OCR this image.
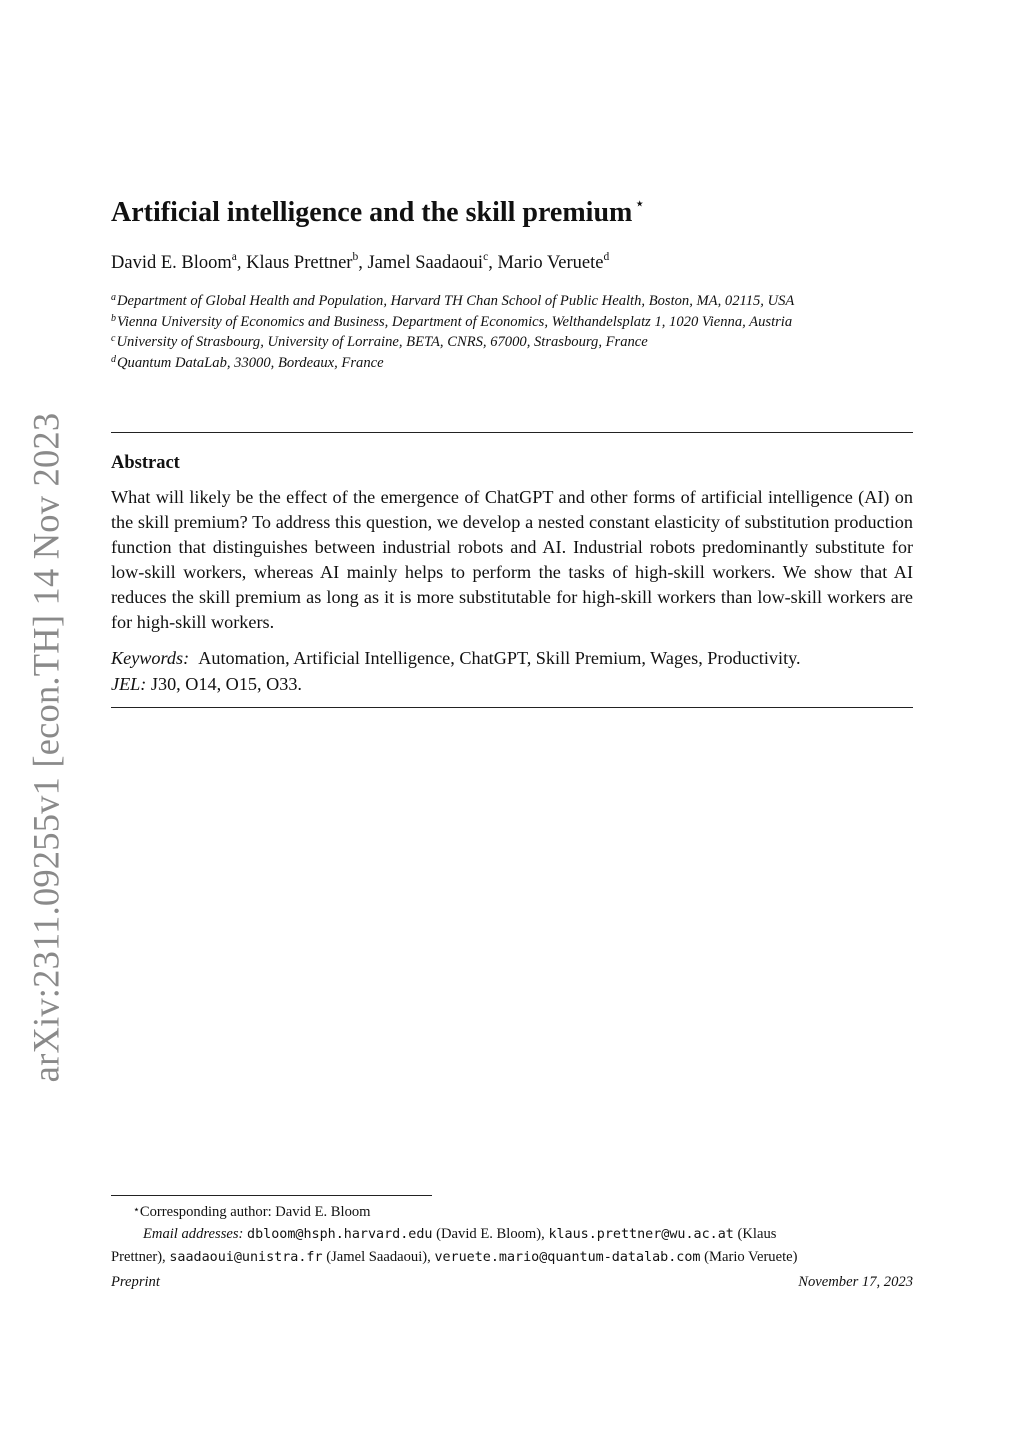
arXiv:2311.09255v1 [econ.TH] 14 Nov 2023
Artificial intelligence and the skill premium ⋆
David E. Bloom$^a$, Klaus Prettner$^b$, Jamel Saadaoui$^c$, Mario Veruete$^d$
$^a$Department of Global Health and Population, Harvard TH Chan School of Public Health, Boston, MA, 02115, USA
$^b$Vienna University of Economics and Business, Department of Economics, Welthandelsplatz 1, 1020 Vienna, Austria
$^c$University of Strasbourg, University of Lorraine, BETA, CNRS, 67000, Strasbourg, France
$^d$Quantum DataLab, 33000, Bordeaux, France
Abstract

What will likely be the effect of the emergence of ChatGPT and other forms of artificial intelligence (AI) on the skill premium? To address this question, we develop a nested constant elasticity of substitution production function that distinguishes between industrial robots and AI. Industrial robots predominantly substitute for low-skill workers, whereas AI mainly helps to perform the tasks of high-skill workers. We show that AI reduces the skill premium as long as it is more substitutable for high-skill workers than low-skill workers are for high-skill workers.

Keywords: Automation, Artificial Intelligence, ChatGPT, Skill Premium, Wages, Productivity.
JEL: J30, O14, O15, O33.
⋆Corresponding author: David E. Bloom
Email addresses: dbloom@hsph.harvard.edu (David E. Bloom), klaus.prettner@wu.ac.at (Klaus
Prettner), saadaoui@unistra.fr (Jamel Saadaoui), veruete.mario@quantum-datalab.com (Mario Veruete)
Preprint	November 17, 2023
